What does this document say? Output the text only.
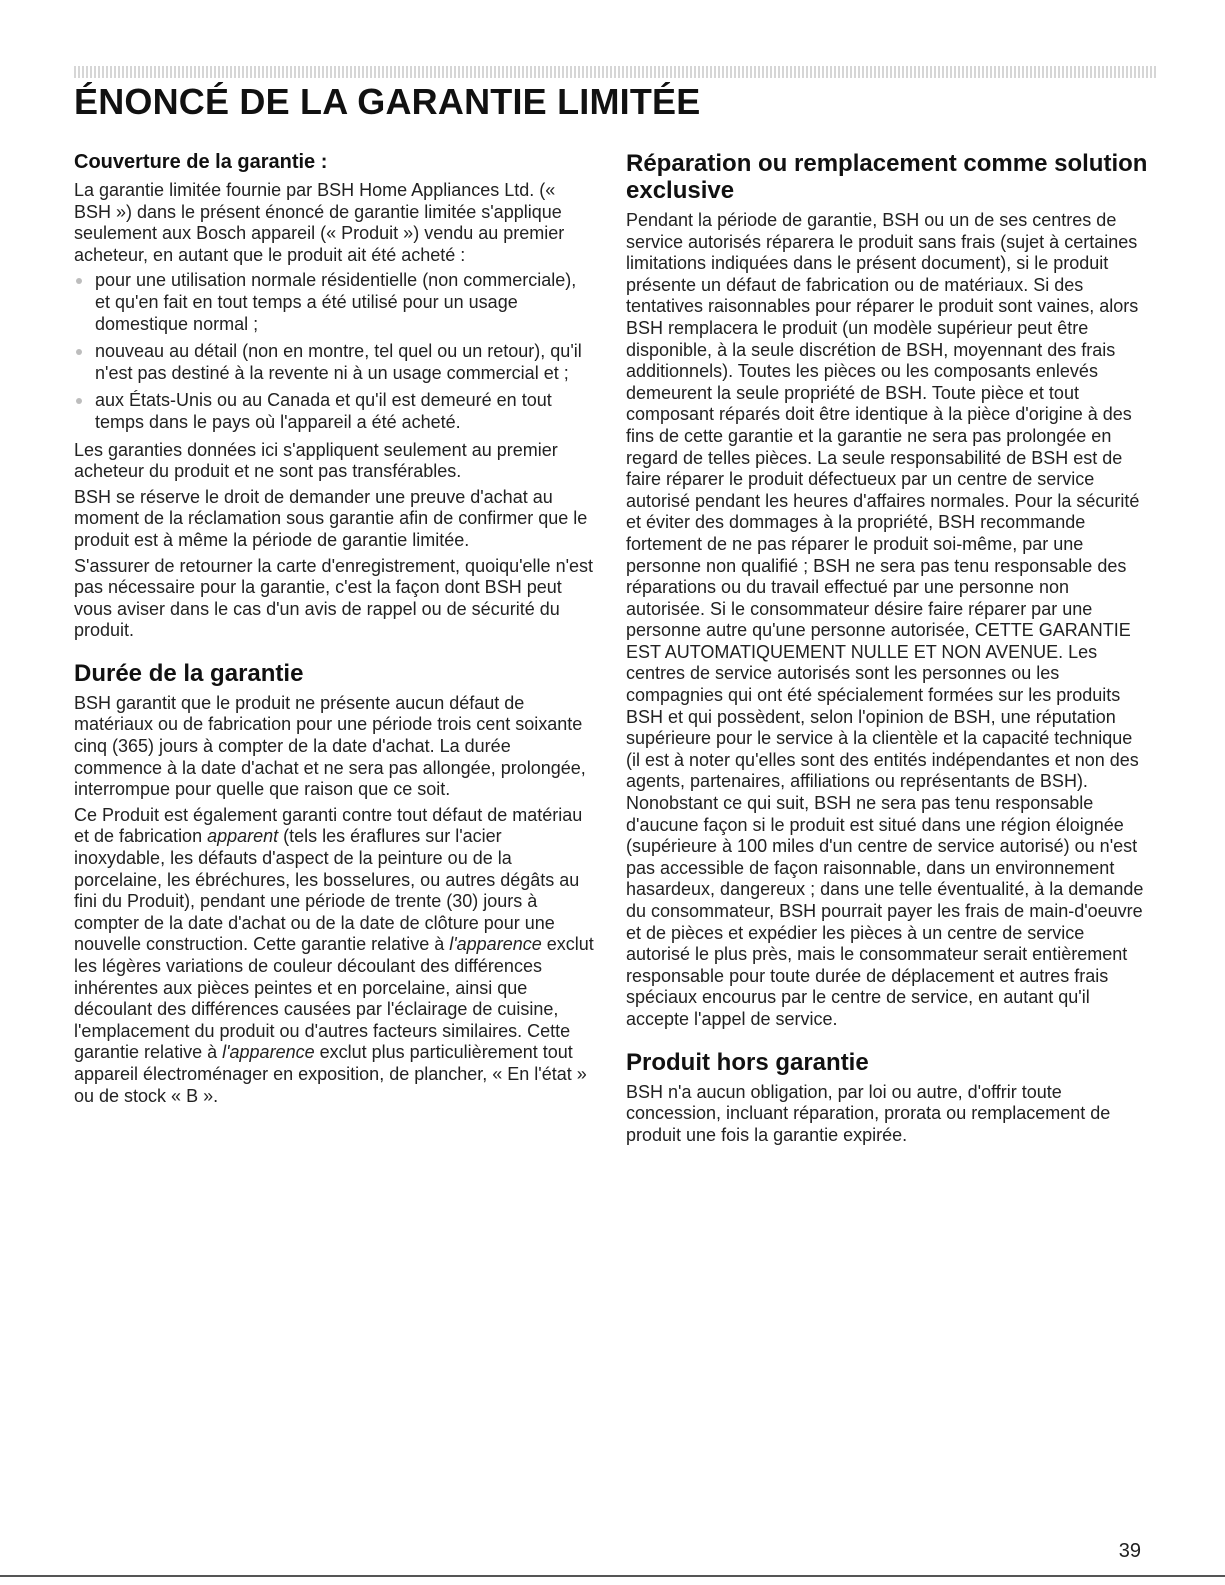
ÉNONCÉ DE LA GARANTIE LIMITÉE
Couverture de la garantie :

La garantie limitée fournie par BSH Home Appliances Ltd. (« BSH ») dans le présent énoncé de garantie limitée s'applique seulement aux Bosch appareil (« Produit ») vendu au premier acheteur, en autant que le produit ait été acheté :

pour une utilisation normale résidentielle (non commerciale), et qu'en fait en tout temps a été utilisé pour un usage domestique normal ;
nouveau au détail (non en montre, tel quel ou un retour), qu'il n'est pas destiné à la revente ni à un usage commercial et ;
aux États-Unis ou au Canada et qu'il est demeuré en tout temps dans le pays où l'appareil a été acheté.

Les garanties données ici s'appliquent seulement au premier acheteur du produit et ne sont pas transférables.

BSH se réserve le droit de demander une preuve d'achat au moment de la réclamation sous garantie afin de confirmer que le produit est à même la période de garantie limitée.

S'assurer de retourner la carte d'enregistrement, quoiqu'elle n'est pas nécessaire pour la garantie, c'est la façon dont BSH peut vous aviser dans le cas d'un avis de rappel ou de sécurité du produit.

Durée de la garantie

BSH garantit que le produit ne présente aucun défaut de matériaux ou de fabrication pour une période trois cent soixante cinq (365) jours à compter de la date d'achat. La durée commence à la date d'achat et ne sera pas allongée, prolongée, interrompue pour quelle que raison que ce soit.

Ce Produit est également garanti contre tout défaut de matériau et de fabrication apparent (tels les éraflures sur l'acier inoxydable, les défauts d'aspect de la peinture ou de la porcelaine, les ébréchures, les bosselures, ou autres dégâts au fini du Produit), pendant une période de trente (30) jours à compter de la date d'achat ou de la date de clôture pour une nouvelle construction. Cette garantie relative à l'apparence exclut les légères variations de couleur découlant des différences inhérentes aux pièces peintes et en porcelaine, ainsi que découlant des différences causées par l'éclairage de cuisine, l'emplacement du produit ou d'autres facteurs similaires. Cette garantie relative à l'apparence exclut plus particulièrement tout appareil électroménager en exposition, de plancher, « En l'état » ou de stock « B ».

Réparation ou remplacement comme solution exclusive

Pendant la période de garantie, BSH ou un de ses centres de service autorisés réparera le produit sans frais (sujet à certaines limitations indiquées dans le présent document), si le produit présente un défaut de fabrication ou de matériaux. Si des tentatives raisonnables pour réparer le produit sont vaines, alors BSH remplacera le produit (un modèle supérieur peut être disponible, à la seule discrétion de BSH, moyennant des frais additionnels). Toutes les pièces ou les composants enlevés demeurent la seule propriété de BSH. Toute pièce et tout composant réparés doit être identique à la pièce d'origine à des fins de cette garantie et la garantie ne sera pas prolongée en regard de telles pièces. La seule responsabilité de BSH est de faire réparer le produit défectueux par un centre de service autorisé pendant les heures d'affaires normales. Pour la sécurité et éviter des dommages à la propriété, BSH recommande fortement de ne pas réparer le produit soi-même, par une personne non qualifié ; BSH ne sera pas tenu responsable des réparations ou du travail effectué par une personne non autorisée. Si le consommateur désire faire réparer par une personne autre qu'une personne autorisée, CETTE GARANTIE EST AUTOMATIQUEMENT NULLE ET NON AVENUE. Les centres de service autorisés sont les personnes ou les compagnies qui ont été spécialement formées sur les produits BSH et qui possèdent, selon l'opinion de BSH, une réputation supérieure pour le service à la clientèle et la capacité technique (il est à noter qu'elles sont des entités indépendantes et non des agents, partenaires, affiliations ou représentants de BSH). Nonobstant ce qui suit, BSH ne sera pas tenu responsable d'aucune façon si le produit est situé dans une région éloignée (supérieure à 100 miles d'un centre de service autorisé) ou n'est pas accessible de façon raisonnable, dans un environnement hasardeux, dangereux ; dans une telle éventualité, à la demande du consommateur, BSH pourrait payer les frais de main-d'oeuvre et de pièces et expédier les pièces à un centre de service autorisé le plus près, mais le consommateur serait entièrement responsable pour toute durée de déplacement et autres frais spéciaux encourus par le centre de service, en autant qu'il accepte l'appel de service.

Produit hors garantie

BSH n'a aucun obligation, par loi ou autre, d'offrir toute concession, incluant réparation, prorata ou remplacement de produit une fois la garantie expirée.

39
